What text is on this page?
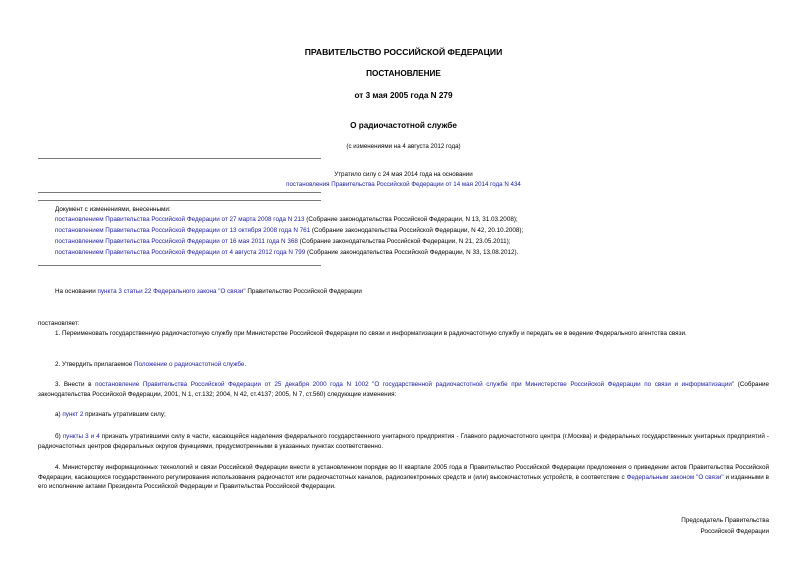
ПРАВИТЕЛЬСТВО РОССИЙСКОЙ ФЕДЕРАЦИИ
ПОСТАНОВЛЕНИЕ
от 3 мая 2005 года N 279
О радиочастотной службе
(с изменениями на 4 августа 2012 года)
Утратило силу с 24 мая 2014 года на основании
постановления Правительства Российской Федерации от 14 мая 2014 года N 434
Документ с изменениями, внесенными:
постановлением Правительства Российской Федерации от 27 марта 2008 года N 213 (Собрание законодательства Российской Федерации, N 13, 31.03.2008);
постановлением Правительства Российской Федерации от 13 октября 2008 года N 761 (Собрание законодательства Российской Федерации, N 42, 20.10.2008);
постановлением Правительства Российской Федерации от 16 мая 2011 года N 368 (Собрание законодательства Российской Федерации, N 21, 23.05.2011);
постановлением Правительства Российской Федерации от 4 августа 2012 года N 799 (Собрание законодательства Российской Федерации, N 33, 13.08.2012).
На основании пункта 3 статьи 22 Федерального закона "О связи" Правительство Российской Федерации
постановляет:
1. Переименовать государственную радиочастотную службу при Министерстве Российской Федерации по связи и информатизации в радиочастотную службу и передать ее в ведение Федерального агентства связи.
2. Утвердить прилагаемое Положение о радиочастотной службе.
3. Внести в постановление Правительства Российской Федерации от 25 декабря 2000 года N 1002 "О государственной радиочастотной службе при Министерстве Российской Федерации по связи и информатизации" (Собрание законодательства Российской Федерации, 2001, N 1, ст.132; 2004, N 42, ст.4137; 2005, N 7, ст.560) следующие изменения:
а) пункт 2 признать утратившим силу;
б) пункты 3 и 4 признать утратившими силу в части, касающейся наделения федерального государственного унитарного предприятия - Главного радиочастотного центра (г.Москва) и федеральных государственных унитарных предприятий - радиочастотных центров федеральных округов функциями, предусмотренными в указанных пунктах соответственно.
4. Министерству информационных технологий и связи Российской Федерации внести в установленном порядке во II квартале 2005 года в Правительство Российской Федерации предложения о приведении актов Правительства Российской Федерации, касающихся государственного регулирования использования радиочастот или радиочастотных каналов, радиоэлектронных средств и (или) высокочастотных устройств, в соответствие с Федеральным законом "О связи" и изданными в его исполнение актами Президента Российской Федерации и Правительства Российской Федерации.
Председатель Правительства
Российской Федерации
